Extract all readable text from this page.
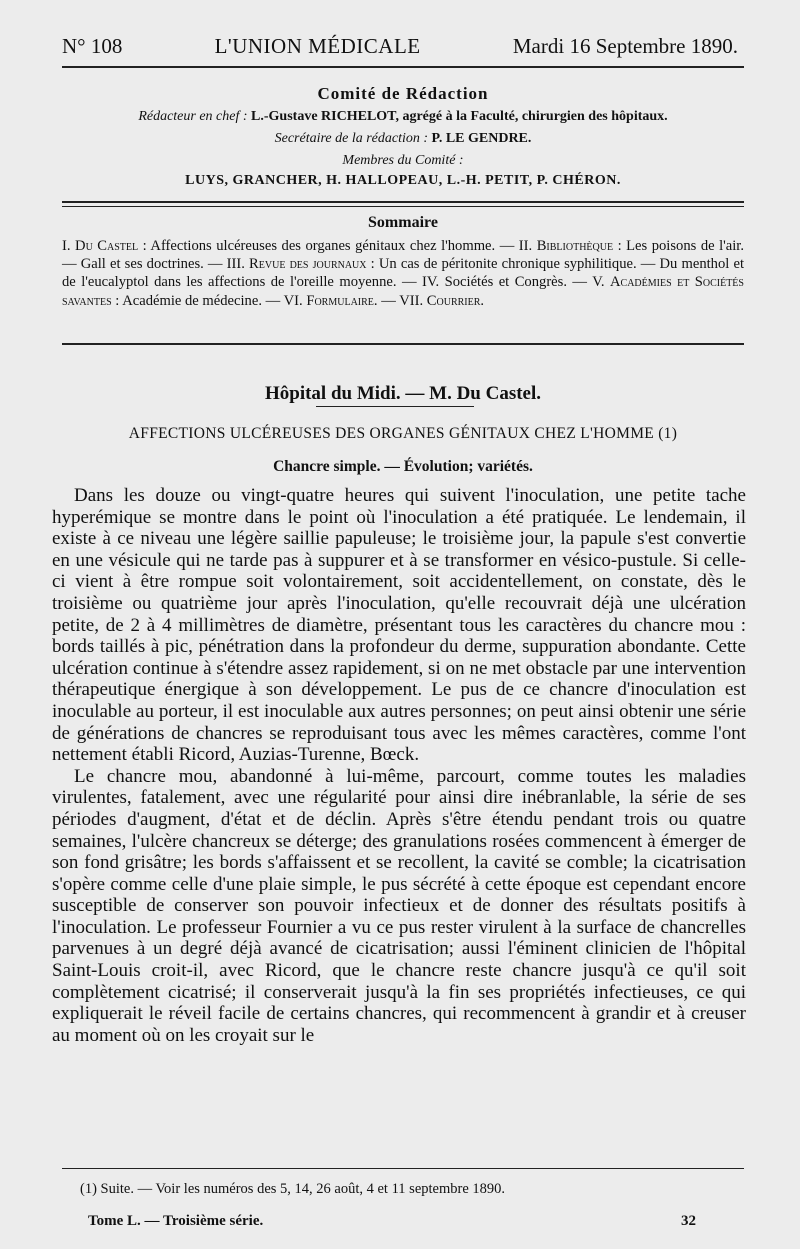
N° 108	L'UNION MÉDICALE	Mardi 16 Septembre 1890.
Comité de Rédaction
Rédacteur en chef : L.-Gustave RICHELOT, agrégé à la Faculté, chirurgien des hôpitaux.
Secrétaire de la rédaction : P. LE GENDRE.
Membres du Comité :
LUYS, GRANCHER, H. HALLOPEAU, L.-H. PETIT, P. CHÉRON.
Sommaire
I. Du Castel : Affections ulcéreuses des organes génitaux chez l'homme. — II. Bibliothèque : Les poisons de l'air. — Gall et ses doctrines. — III. Revue des journaux : Un cas de péritonite chronique syphilitique. — Du menthol et de l'eucalyptol dans les affections de l'oreille moyenne. — IV. Sociétés et Congrès. — V. Académies et Sociétés savantes : Académie de médecine. — VI. Formulaire. — VII. Courrier.
Hôpital du Midi. — M. Du Castel.
AFFECTIONS ULCÉREUSES DES ORGANES GÉNITAUX CHEZ L'HOMME (1)
Chancre simple. — Évolution; variétés.

Dans les douze ou vingt-quatre heures qui suivent l'inoculation, une petite tache hyperémique se montre dans le point où l'inoculation a été pratiquée. Le lendemain, il existe à ce niveau une légère saillie papuleuse; le troisième jour, la papule s'est convertie en une vésicule qui ne tarde pas à suppurer et à se transformer en vésico-pustule. Si celle-ci vient à être rompue soit volontairement, soit accidentellement, on constate, dès le troisième ou quatrième jour après l'inoculation, qu'elle recouvrait déjà une ulcération petite, de 2 à 4 millimètres de diamètre, présentant tous les caractères du chancre mou : bords taillés à pic, pénétration dans la profondeur du derme, suppuration abondante. Cette ulcération continue à s'étendre assez rapidement, si on ne met obstacle par une intervention thérapeutique énergique à son développement. Le pus de ce chancre d'inoculation est inoculable au porteur, il est inoculable aux autres personnes; on peut ainsi obtenir une série de générations de chancres se reproduisant tous avec les mêmes caractères, comme l'ont nettement établi Ricord, Auzias-Turenne, Bœck.

Le chancre mou, abandonné à lui-même, parcourt, comme toutes les maladies virulentes, fatalement, avec une régularité pour ainsi dire inébranlable, la série de ses périodes d'augment, d'état et de déclin. Après s'être étendu pendant trois ou quatre semaines, l'ulcère chancreux se déterge; des granulations rosées commencent à émerger de son fond grisâtre; les bords s'affaissent et se recollent, la cavité se comble; la cicatrisation s'opère comme celle d'une plaie simple, le pus sécrété à cette époque est cependant encore susceptible de conserver son pouvoir infectieux et de donner des résultats positifs à l'inoculation. Le professeur Fournier a vu ce pus rester virulent à la surface de chancrelles parvenues à un degré déjà avancé de cicatrisation; aussi l'éminent clinicien de l'hôpital Saint-Louis croit-il, avec Ricord, que le chancre reste chancre jusqu'à ce qu'il soit complètement cicatrisé; il conserverait jusqu'à la fin ses propriétés infectieuses, ce qui expliquerait le réveil facile de certains chancres, qui recommencent à grandir et à creuser au moment où on les croyait sur le

(1) Suite. — Voir les numéros des 5, 14, 26 août, 4 et 11 septembre 1890.
Tome L. — Troisième série.	32
